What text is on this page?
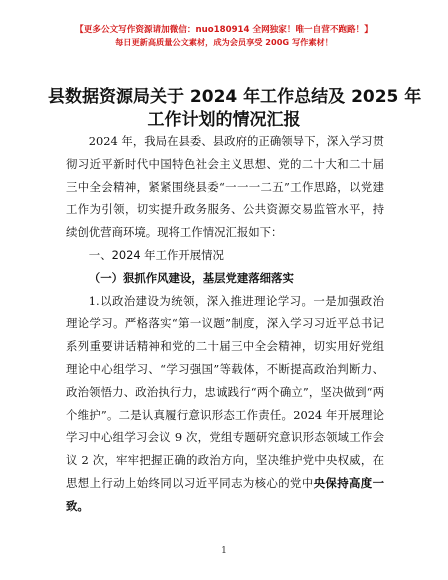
【更多公文写作资源请加微信：nuo180914 全网独家！唯一自营不跑路！】
每日更新高质量公文素材，成为会员享受 200G 写作素材！
县数据资源局关于 2024 年工作总结及 2025 年
工作计划的情况汇报

2024 年，我局在县委、县政府的正确领导下，深入学习贯彻习近平新时代中国特色社会主义思想、党的二十大和二十届三中全会精神，紧紧围绕县委“一一一二五”工作思路，以党建工作为引领，切实提升政务服务、公共资源交易监管水平，持续创优营商环境。现将工作情况汇报如下：

一、2024 年工作开展情况
（一）狠抓作风建设，基层党建落细落实

1.以政治建设为统领，深入推进理论学习。一是加强政治理论学习。严格落实“第一议题”制度，深入学习习近平总书记系列重要讲话精神和党的二十届三中全会精神，切实用好党组理论中心组学习、“学习强国”等载体，不断提高政治判断力、政治领悟力、政治执行力，忠诚践行“两个确立”，坚决做到“两个维护”。二是认真履行意识形态工作责任。2024 年开展理论学习中心组学习会议 9 次，党组专题研究意识形态领域工作会议 2 次，牢牢把握正确的政治方向，坚决维护党中央权威，在思想上行动上始终同以习近平同志为核心的党中央保持高度一致。

1
